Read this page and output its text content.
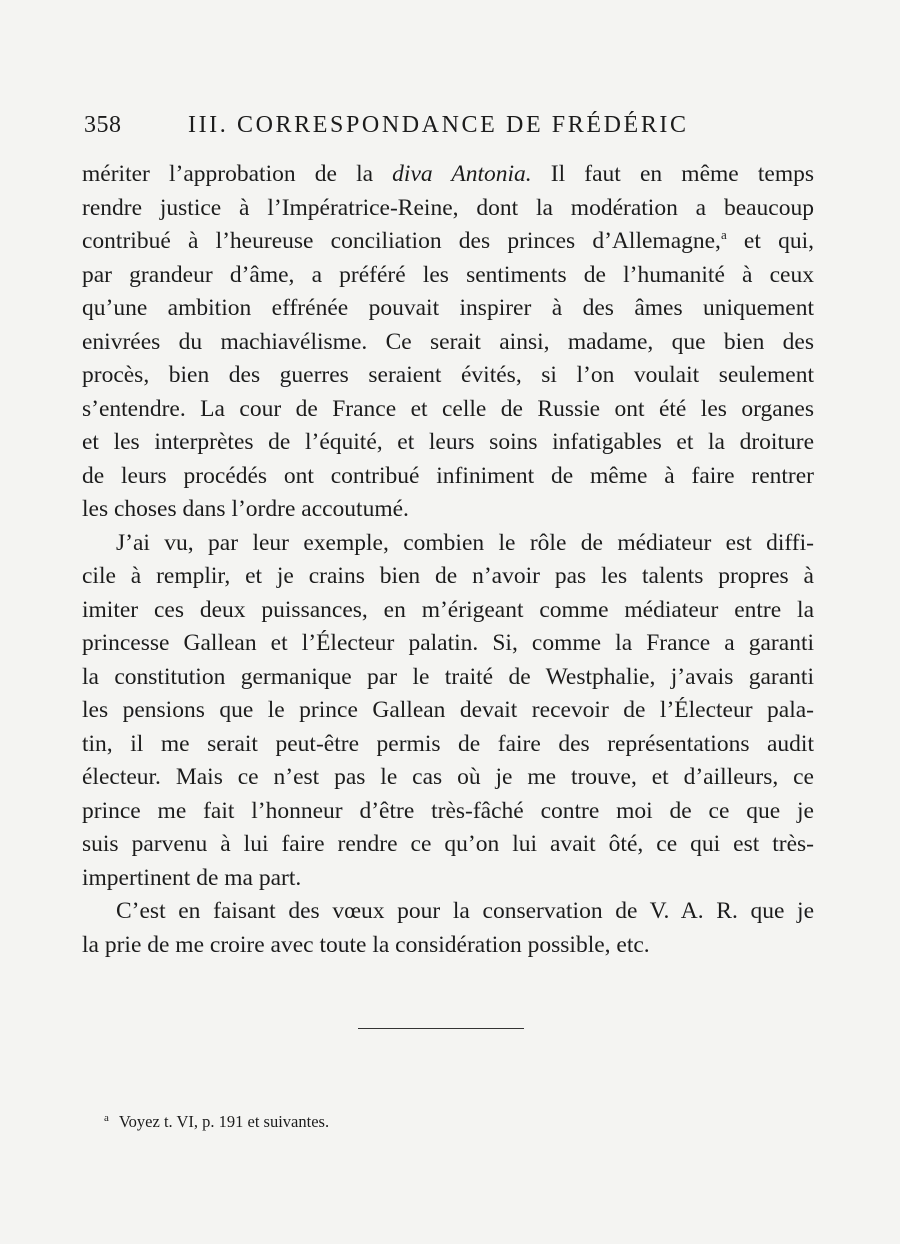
358	III. CORRESPONDANCE DE FRÉDÉRIC
mériter l’approbation de la diva Antonia. Il faut en même temps
rendre justice à l’Impératrice-Reine, dont la modération a beaucoup
contribué à l’heureuse conciliation des princes d’Allemagne,$^a$ et qui,
par grandeur d’âme, a préféré les sentiments de l’humanité à ceux
qu’une ambition effrénée pouvait inspirer à des âmes uniquement
enivrées du machiavélisme. Ce serait ainsi, madame, que bien des
procès, bien des guerres seraient évités, si l’on voulait seulement
s’entendre. La cour de France et celle de Russie ont été les organes
et les interprètes de l’équité, et leurs soins infatigables et la droiture
de leurs procédés ont contribué infiniment de même à faire rentrer
les choses dans l’ordre accoutumé.
J’ai vu, par leur exemple, combien le rôle de médiateur est diffi-
cile à remplir, et je crains bien de n’avoir pas les talents propres à
imiter ces deux puissances, en m’érigeant comme médiateur entre la
princesse Gallean et l’Électeur palatin. Si, comme la France a garanti
la constitution germanique par le traité de Westphalie, j’avais garanti
les pensions que le prince Gallean devait recevoir de l’Électeur pala-
tin, il me serait peut-être permis de faire des représentations audit
électeur. Mais ce n’est pas le cas où je me trouve, et d’ailleurs, ce
prince me fait l’honneur d’être très-fâché contre moi de ce que je
suis parvenu à lui faire rendre ce qu’on lui avait ôté, ce qui est très-
impertinent de ma part.
C’est en faisant des vœux pour la conservation de V. A. R. que je
la prie de me croire avec toute la considération possible, etc.
$^a$ Voyez t. VI, p. 191 et suivantes.
